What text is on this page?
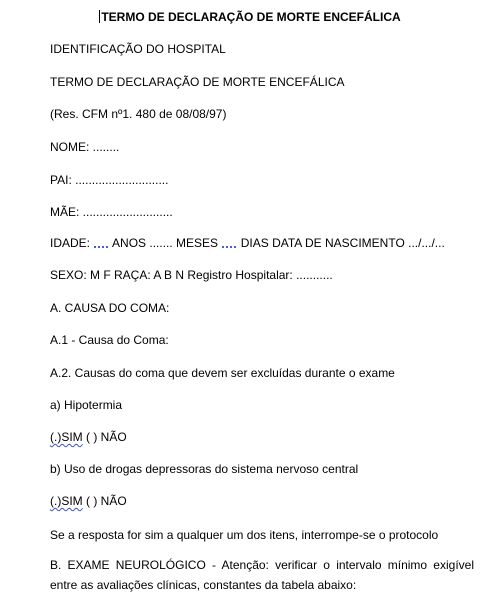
TERMO DE DECLARAÇÃO DE MORTE ENCEFÁLICA
IDENTIFICAÇÃO DO HOSPITAL
TERMO DE DECLARAÇÃO DE MORTE ENCEFÁLICA
(Res. CFM nº1. 480 de 08/08/97)
NOME: ........
PAI: ............................
MÃE: ...........................
IDADE: ANOS ....... MESES DIAS DATA DE NASCIMENTO .../.../...
SEXO: M F RAÇA: A B N Registro Hospitalar: ...........
A. CAUSA DO COMA:
A.1 - Causa do Coma:
A.2. Causas do coma que devem ser excluídas durante o exame
a) Hipotermia
(.)SIM ( ) NÃO
b) Uso de drogas depressoras do sistema nervoso central
(.)SIM ( ) NÃO
Se a resposta for sim a qualquer um dos itens, interrompe-se o protocolo
B. EXAME NEUROLÓGICO - Atenção: verificar o intervalo mínimo exigível entre as avaliações clínicas, constantes da tabela abaixo:
